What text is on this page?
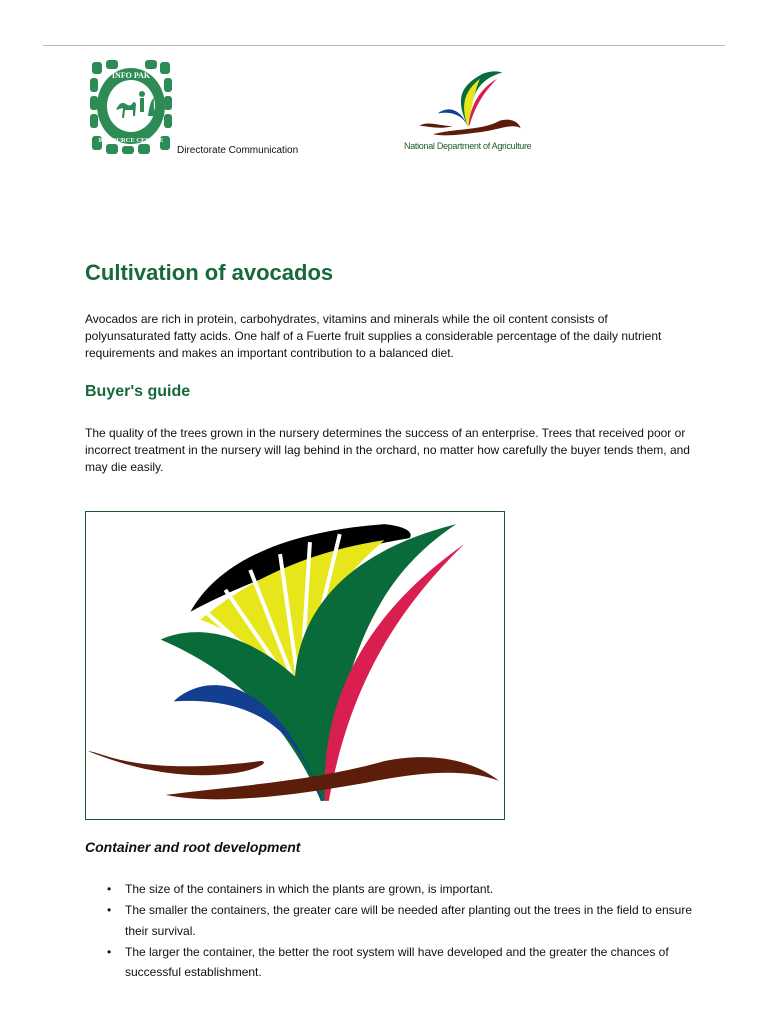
INFO PAK
RESOURCE CENTRE
Directorate Communication	National Department of Agriculture
Cultivation of avocados

Avocados are rich in protein, carbohydrates, vitamins and minerals while the oil content consists of polyunsaturated fatty acids. One half of a Fuerte fruit supplies a considerable percentage of the daily nutrient requirements and makes an important contribution to a balanced diet.

Buyer's guide

The quality of the trees grown in the nursery determines the success of an enterprise. Trees that received poor or incorrect treatment in the nursery will lag behind in the orchard, no matter how carefully the buyer tends them, and may die easily.

Container and root development
• The size of the containers in which the plants are grown, is important.
• The smaller the containers, the greater care will be needed after planting out the trees in the field to ensure their survival.
• The larger the container, the better the root system will have developed and the greater the chances of successful establishment.
